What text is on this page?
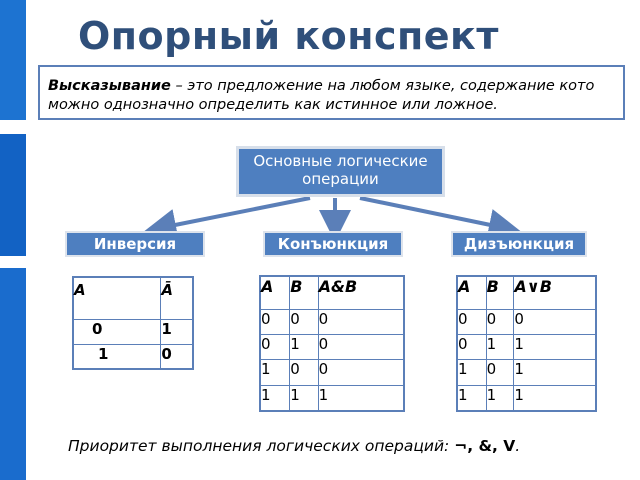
Опорный конспект
Высказывание – это предложение на любом языке, содержание кото
можно однозначно определить как истинное или ложное.
Основные логические
операции
Инверсия	Конъюнкция	Дизъюнкция
A	Ā
0	1
1	0
A	B	A&B
0	0	0
0	1	0
1	0	0
1	1	1
A	B	A∨B
0	0	0
0	1	1
1	0	1
1	1	1
Приоритет выполнения логических операций: ¬, &, V.
